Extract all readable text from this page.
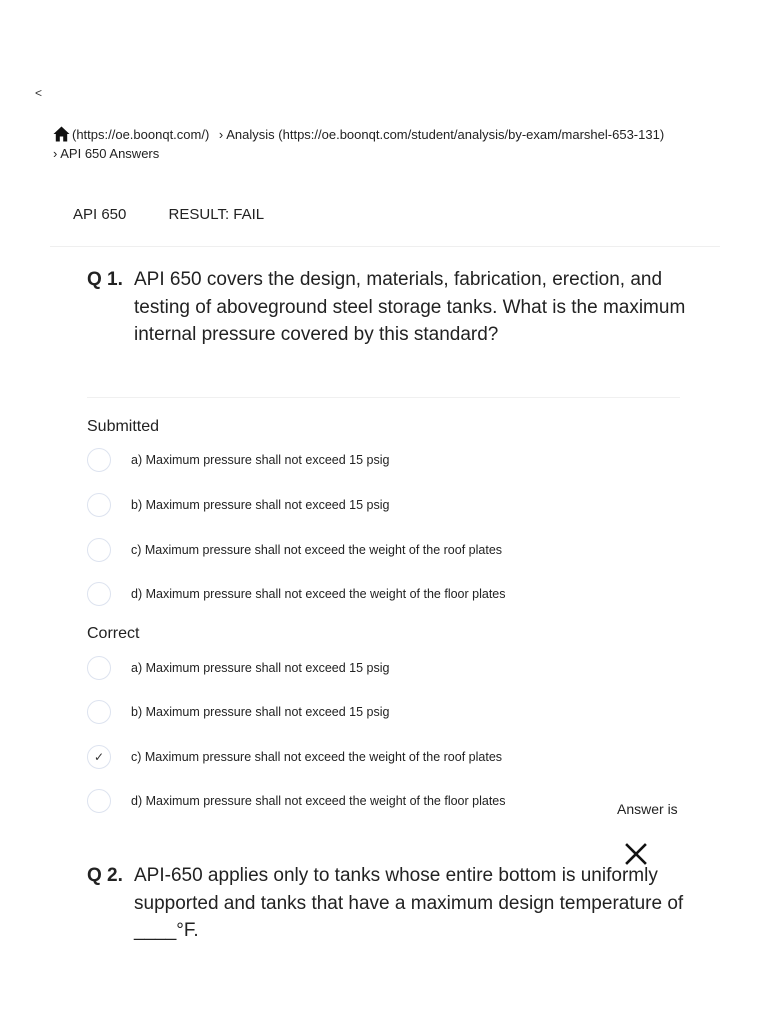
<
(https://oe.boonqt.com/) › Analysis (https://oe.boonqt.com/student/analysis/by-exam/marshel-653-131)
› API 650 Answers
API 650	RESULT: FAIL
Q 1. API 650 covers the design, materials, fabrication, erection, and testing of aboveground steel storage tanks. What is the maximum internal pressure covered by this standard?
Submitted
a) Maximum pressure shall not exceed 15 psig
b) Maximum pressure shall not exceed 15 psig
c) Maximum pressure shall not exceed the weight of the roof plates
d) Maximum pressure shall not exceed the weight of the floor plates
Correct
a) Maximum pressure shall not exceed 15 psig
b) Maximum pressure shall not exceed 15 psig
✓ c) Maximum pressure shall not exceed the weight of the roof plates
d) Maximum pressure shall not exceed the weight of the floor plates	Answer is
Q 2. API-650 applies only to tanks whose entire bottom is uniformly supported and tanks that have a maximum design temperature of ____°F.
